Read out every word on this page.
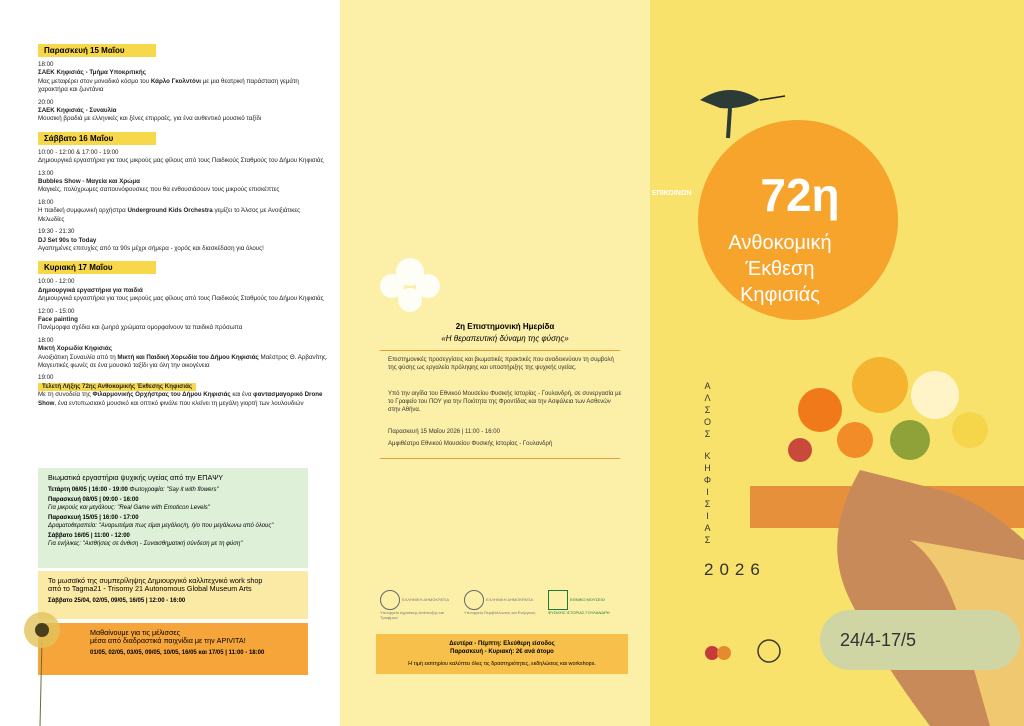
Παρασκευή 15 Μαΐου
18:00
ΣΑΕΚ Κηφισιάς - Τμήμα Υποκριτικής
Μας μεταφέρει στον μοναδικό κόσμο του Κάρλο Γκολντόνι με μια θεατρική παράσταση γεμάτη χαρακτήρα και ζωντάνια
20:00
ΣΑΕΚ Κηφισιάς - Συναυλία
Μουσική βραδιά με ελληνικές και ξένες επιρροές, για ένα αυθεντικό μουσικό ταξίδι
Σάββατο 16 Μαΐου
10:00 - 12:00 & 17:00 - 19:00
Δημιουργικά εργαστήρια για τους μικρούς μας φίλους από τους Παιδικούς Σταθμούς του Δήμου Κηφισιάς
13:00
Bubbles Show - Μαγεία και Χρώμα
Μαγικές, πολύχρωμες σαπουνόφουσκες που θα ενθουσιάσουν τους μικρούς επισκέπτες
18:00
Η παιδική συμφωνική ορχήστρα Underground Kids Orchestra γεμίζει το Άλσος με Ανοιξιάτικες Μελωδίες
19:30 - 21:30
DJ Set 90s to Today
Αγαπημένες επιτυχίες από τα 90s μέχρι σήμερα - χορός και διασκέδαση για όλους!
Κυριακή 17 Μαΐου
10:00 - 12:00
Δημιουργικά εργαστήρια για παιδιά
Δημιουργικά εργαστήρια για τους μικρούς μας φίλους από τους Παιδικούς Σταθμούς του Δήμου Κηφισιάς
12:00 - 15:00
Face painting
Πανέμορφα σχέδια και ζωηρά χρώματα ομορφαίνουν τα παιδικά πρόσωπα
18:00
Μικτή Χορωδία Κηφισιάς
Ανοιξιάτικη Συναυλία από τη Μικτή και Παιδική Χορωδία του Δήμου Κηφισιάς Μαέστρος Θ. Αρβανίτης. Μαγευτικές φωνές σε ένα μουσικό ταξίδι για όλη την οικογένεια
19:00
Τελετή Λήξης 72ης Ανθοκομικής Έκθεσης Κηφισιάς
Με τη συνοδεία της Φιλαρμονικής Ορχήστρας του Δήμου Κηφισιάς και ένα φαντασμαγορικό Drone Show, ένα εντυπωσιακό μουσικό και οπτικό φινάλε που κλείνει τη μεγάλη γιορτή των λουλουδιών
Βιωματικά εργαστήρια ψυχικής υγείας από την ΕΠΑΨΥ
Τετάρτη 06/05 | 16:00 - 19:00 Φωτογραφία: "Say it with flowers"
Παρασκευή 08/05 | 09:00 - 16:00
Για μικρούς και μεγάλους: "Real Game with Emoticon Levels"
Παρασκευή 15/05 | 16:00 - 17:00
Δραματοθεραπεία: "Αναρωτιέμαι πως είμαι μεγάλος/η, ή/ο που μεγάλωνω από όλους"
Σάββατο 16/05 | 11:00 - 12:00
Για ενήλικες: "Αισθήσεις σε άνθιση - Συναισθηματική σύνδεση με τη φύση"
Το μωσαϊκό της συμπερίληψης Δημιουργικό καλλιτεχνικό work shop
από το Tagma21 - Trisomy 21 Autonomous Global Museum Arts
Σάββατο 25/04, 02/05, 09/05, 16/05 | 12:00 - 16:00
Μαθαίνουμε για τις μέλισσες
μέσα από διαδραστικά παιχνίδια με την APIVITA!
01/05, 02/05, 03/05, 09/05, 10/05, 16/05 και 17/05 | 11:00 - 18:00
2η Επιστημονική Ημερίδα
«Η θεραπευτική δύναμη της φύσης»
Επιστημονικές προσεγγίσεις και βιωματικές πρακτικές που αναδεικνύουν τη συμβολή της φύσης ως εργαλείο πρόληψης και υποστήριξης της ψυχικής υγείας.
Υπό την αιγίδα του Εθνικού Μουσείου Φυσικής Ιστορίας - Γουλανδρή, σε συνεργασία με το Γραφείο του ΠΟΥ για την Ποιότητα της Φροντίδας και την Ασφάλεια των Ασθενών στην Αθήνα.
Παρασκευή 15 Μαΐου 2026 | 11:00 - 16:00
Αμφιθέατρο Εθνικού Μουσείου Φυσικής Ιστορίας - Γουλανδρή
ΕΛΛΗΝΙΚΗ ΔΗΜΟΚΡΑΤΙΑ Υπουργείο Αγροτικής Ανάπτυξης και Τροφίμων
ΕΛΛΗΝΙΚΗ ΔΗΜΟΚΡΑΤΙΑ Υπουργείο Περιβάλλοντος και Ενέργειας
ΕΘΝΙΚΟ ΜΟΥΣΕΙΟ ΦΥΣΙΚΗΣ ΙΣΤΟΡΙΑΣ ΓΟΥΛΑΝΔΡΗ
Δευτέρα - Πέμπτη: Ελεύθερη είσοδος
Παρασκευή - Κυριακή: 2€ ανά άτομο
Η τιμή εισιτηρίου καλύπτει όλες τις δραστηριότητες, εκδηλώσεις και workshops.
ΕΠΙΚΟΙΝΩΝ	72η
Ανθοκομική
Έκθεση
Κηφισιάς
Α
Λ
Σ
Ο
Σ
Κ
Η
Φ
Ι
Σ
Ι
Α
Σ
2026
24/4-17/5
